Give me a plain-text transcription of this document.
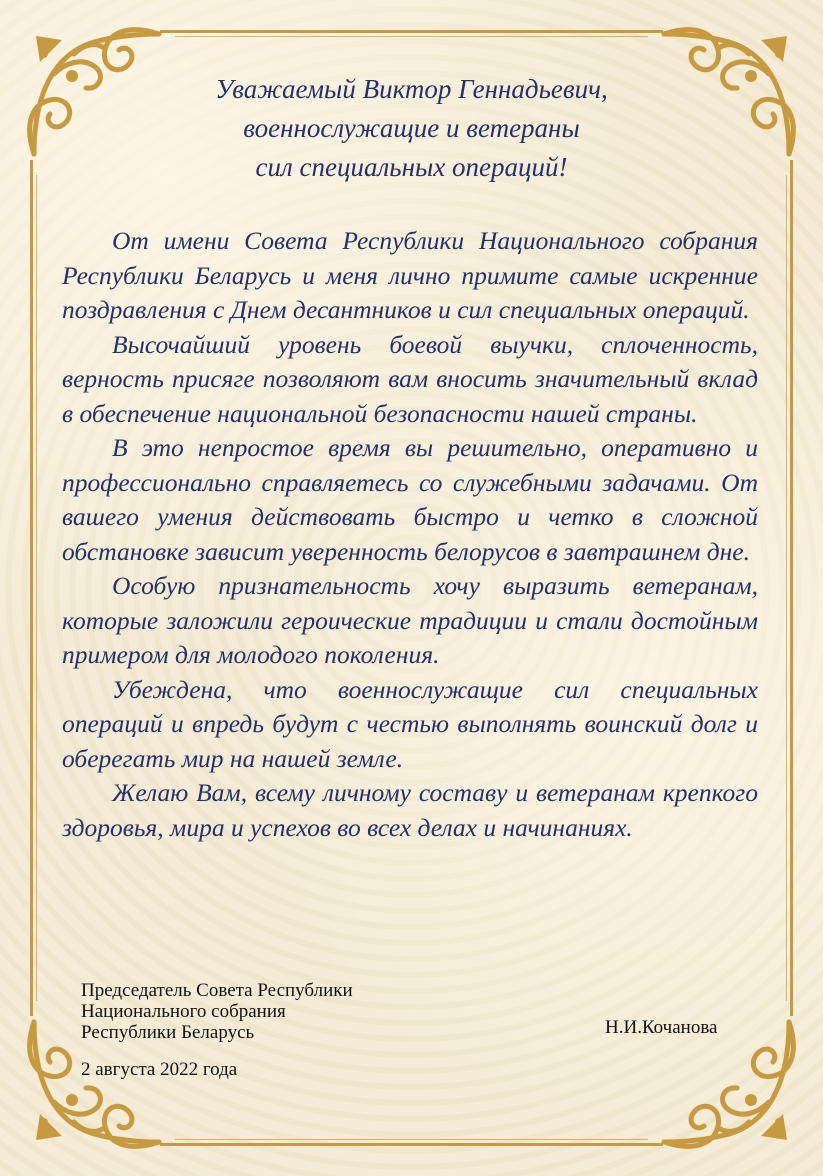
Уважаемый Виктор Геннадьевич,
военнослужащие и ветераны
сил специальных операций!

От имени Совета Республики Национального собрания Республики Беларусь и меня лично примите самые искренние поздравления с Днем десантников и сил специальных операций.

Высочайший уровень боевой выучки, сплоченность, верность присяге позволяют вам вносить значительный вклад в обеспечение национальной безопасности нашей страны.

В это непростое время вы решительно, оперативно и профессионально справляетесь со служебными задачами. От вашего умения действовать быстро и четко в сложной обстановке зависит уверенность белорусов в завтрашнем дне.

Особую признательность хочу выразить ветеранам, которые заложили героические традиции и стали достойным примером для молодого поколения.

Убеждена, что военнослужащие сил специальных операций и впредь будут с честью выполнять воинский долг и оберегать мир на нашей земле.

Желаю Вам, всему личному составу и ветеранам крепкого здоровья, мира и успехов во всех делах и начинаниях.

Председатель Совета Республики
Национального собрания
Республики Беларусь	Н.И.Кочанова
2 августа 2022 года
